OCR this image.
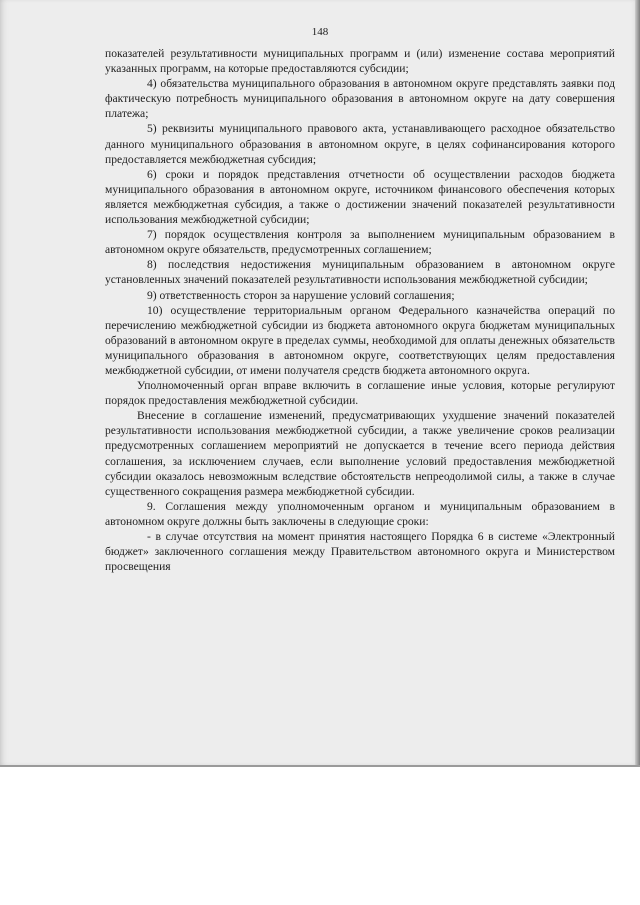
148

показателей результативности муниципальных программ и (или) изменение состава мероприятий указанных программ, на которые предоставляются субсидии;

4) обязательства муниципального образования в автономном округе представлять заявки под фактическую потребность муниципального образования в автономном округе на дату совершения платежа;

5) реквизиты муниципального правового акта, устанавливающего расходное обязательство данного муниципального образования в автономном округе, в целях софинансирования которого предоставляется межбюджетная субсидия;

6) сроки и порядок представления отчетности об осуществлении расходов бюджета муниципального образования в автономном округе, источником финансового обеспечения которых является межбюджетная субсидия, а также о достижении значений показателей результативности использования межбюджетной субсидии;

7) порядок осуществления контроля за выполнением муниципальным образованием в автономном округе обязательств, предусмотренных соглашением;

8) последствия недостижения муниципальным образованием в автономном округе установленных значений показателей результативности использования межбюджетной субсидии;

9) ответственность сторон за нарушение условий соглашения;

10) осуществление территориальным органом Федерального казначейства операций по перечислению межбюджетной субсидии из бюджета автономного округа бюджетам муниципальных образований в автономном округе в пределах суммы, необходимой для оплаты денежных обязательств муниципального образования в автономном округе, соответствующих целям предоставления межбюджетной субсидии, от имени получателя средств бюджета автономного округа.

Уполномоченный орган вправе включить в соглашение иные условия, которые регулируют порядок предоставления межбюджетной субсидии.

Внесение в соглашение изменений, предусматривающих ухудшение значений показателей результативности использования межбюджетной субсидии, а также увеличение сроков реализации предусмотренных соглашением мероприятий не допускается в течение всего периода действия соглашения, за исключением случаев, если выполнение условий предоставления межбюджетной субсидии оказалось невозможным вследствие обстоятельств непреодолимой силы, а также в случае существенного сокращения размера межбюджетной субсидии.

9. Соглашения между уполномоченным органом и муниципальным образованием в автономном округе должны быть заключены в следующие сроки:

- в случае отсутствия на момент принятия настоящего Порядка 6 в системе «Электронный бюджет» заключенного соглашения между Правительством автономного округа и Министерством просвещения
